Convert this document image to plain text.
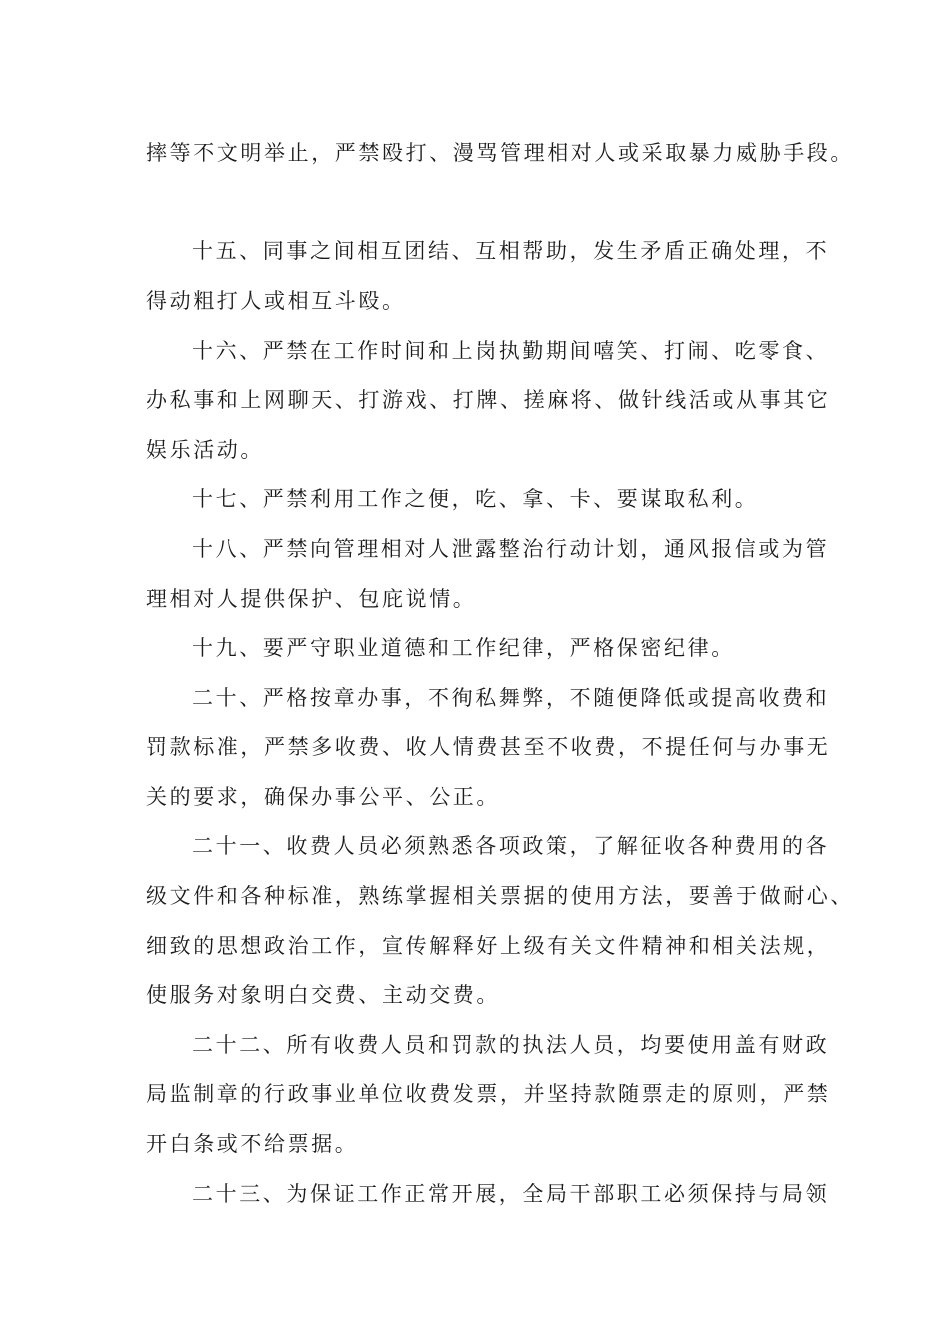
摔等不文明举止，严禁殴打、漫骂管理相对人或采取暴力威胁手段。
十五、同事之间相互团结、互相帮助，发生矛盾正确处理，不
得动粗打人或相互斗殴。
十六、严禁在工作时间和上岗执勤期间嘻笑、打闹、吃零食、
办私事和上网聊天、打游戏、打牌、搓麻将、做针线活或从事其它
娱乐活动。
十七、严禁利用工作之便，吃、拿、卡、要谋取私利。
十八、严禁向管理相对人泄露整治行动计划，通风报信或为管
理相对人提供保护、包庇说情。
十九、要严守职业道德和工作纪律，严格保密纪律。
二十、严格按章办事，不徇私舞弊，不随便降低或提高收费和
罚款标准，严禁多收费、收人情费甚至不收费，不提任何与办事无
关的要求，确保办事公平、公正。
二十一、收费人员必须熟悉各项政策，了解征收各种费用的各
级文件和各种标准，熟练掌握相关票据的使用方法，要善于做耐心、
细致的思想政治工作，宣传解释好上级有关文件精神和相关法规，
使服务对象明白交费、主动交费。
二十二、所有收费人员和罚款的执法人员，均要使用盖有财政
局监制章的行政事业单位收费发票，并坚持款随票走的原则，严禁
开白条或不给票据。
二十三、为保证工作正常开展，全局干部职工必须保持与局领
